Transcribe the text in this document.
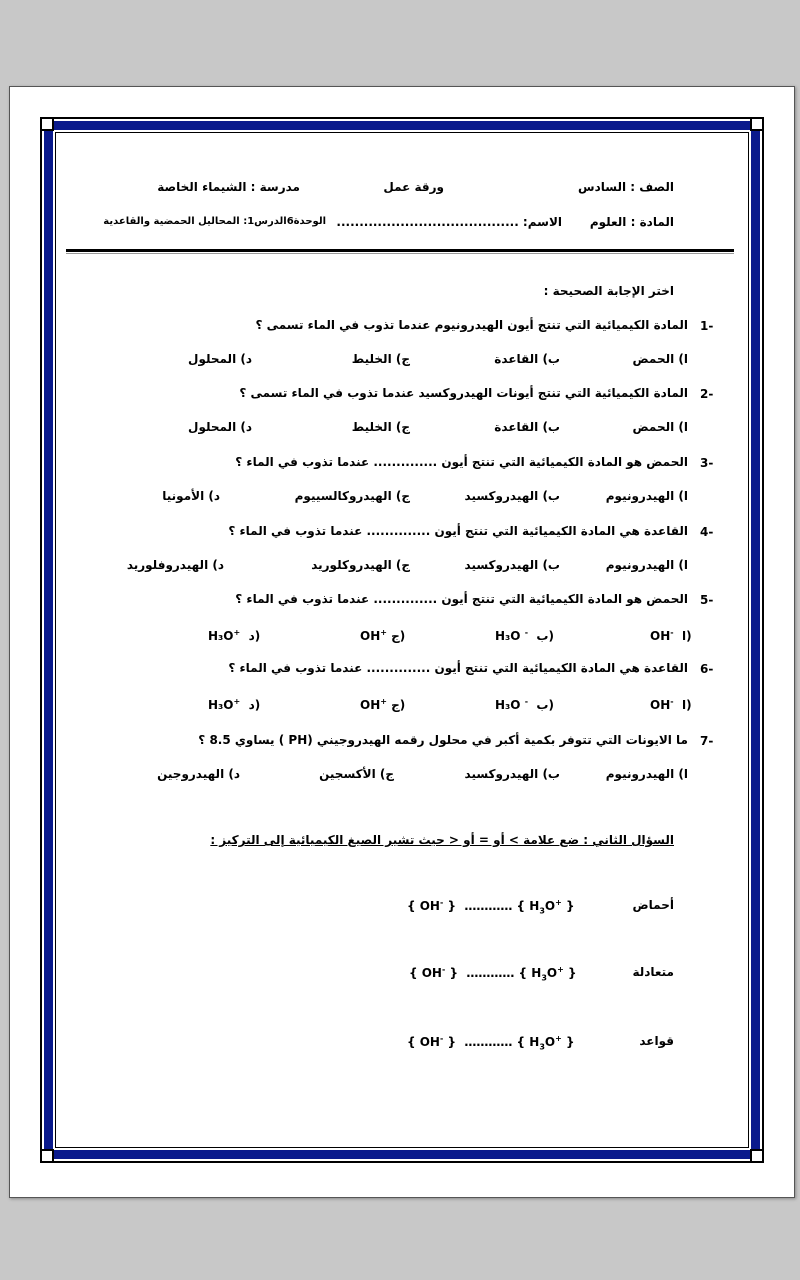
الصف : السادس
ورقة عمل
مدرسة : الشيماء الخاصة
المادة : العلوم
الاسم: ........................................
الوحدة6الدرس1: المحاليل الحمضية والقاعدية
اختر الإجابة الصحيحة :
1-
المادة الكيميائية التي تنتج أيون الهيدرونيوم عندما تذوب في الماء تسمى ؟
ا) الحمض
ب) القاعدة
ج) الخليط
د) المحلول
2-
المادة الكيميائية التي تنتج أيونات الهيدروكسيد عندما تذوب في الماء تسمى ؟
ا) الحمض
ب) القاعدة
ج) الخليط
د) المحلول
3-
الحمض هو المادة الكيميائية التي تنتج أيون .............. عندما تذوب في الماء ؟
ا) الهيدرونيوم
ب) الهيدروكسيد
ج) الهيدروكالسييوم
د) الأمونيا
4-
القاعدة هي المادة الكيميائية التي تنتج أيون .............. عندما تذوب في الماء ؟
ا) الهيدرونيوم
ب) الهيدروكسيد
ج) الهيدروكلوريد
د) الهيدروفلوريد
5-
الحمض هو المادة الكيميائية التي تنتج أيون .............. عندما تذوب في الماء ؟
OH- ا)
H₃O - ب)
OH+ ج)
H₃O+ د)
6-
القاعدة هي المادة الكيميائية التي تنتج أيون .............. عندما تذوب في الماء ؟
OH- ا)
H₃O - ب)
OH+ ج)
H₃O+ د)
7-
ما الايونات التي تتوفر بكمية أكبر في محلول رقمه الهيدروجيني (PH ) يساوي 8.5 ؟
ا) الهيدرونيوم
ب) الهيدروكسيد
ج) الأكسجين
د) الهيدروجين
السؤال الثاني : ضع علامة > أو = أو < حيث تشير الصيغ الكيميائية إلى التركيز :
أحماض
{ OH- }  ………… { $H_3O^+$ }
متعادلة
{ OH- }  ………… { $H_3O^+$ }
قواعد
{ OH- }  ………… { $H_3O^+$ }
